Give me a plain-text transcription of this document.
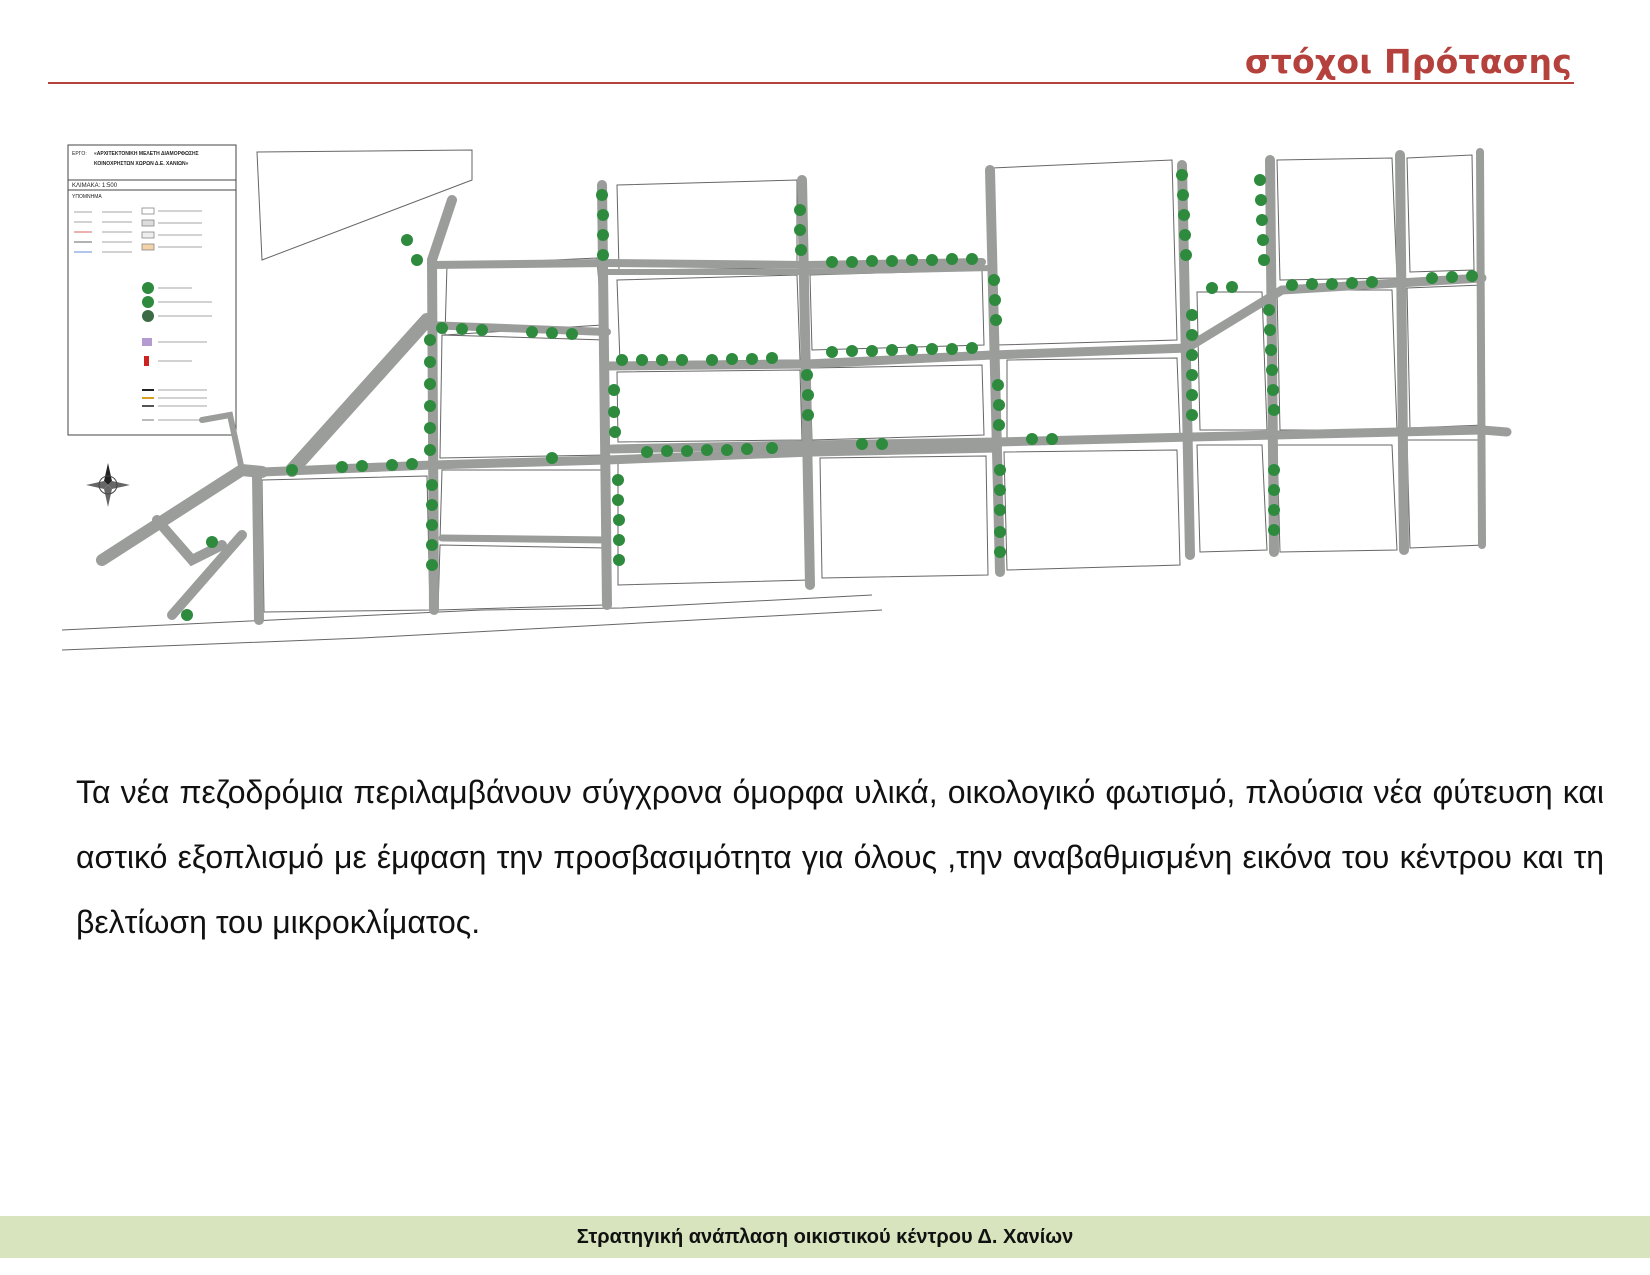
στόχοι Πρότασης
ΕΡΓΟ: «ΑΡΧΙΤΕΚΤΟΝΙΚΗ ΜΕΛΕΤΗ ΔΙΑΜΟΡΦΩΣΗΣ
ΚΟΙΝΟΧΡΗΣΤΩΝ ΧΩΡΩΝ Δ.Ε. ΧΑΝΙΩΝ»
ΚΛΙΜΑΚΑ: 1:500
ΥΠΟΜΝΗΜΑ

Τα νέα πεζοδρόμια περιλαμβάνουν σύγχρονα όμορφα υλικά, οικολογικό φωτισμό, πλούσια νέα φύτευση και αστικό εξοπλισμό με έμφαση την προσβασιμότητα για όλους ,την αναβαθμισμένη εικόνα του κέντρου και τη βελτίωση του μικροκλίματος.

Στρατηγική ανάπλαση οικιστικού κέντρου Δ. Χανίων
